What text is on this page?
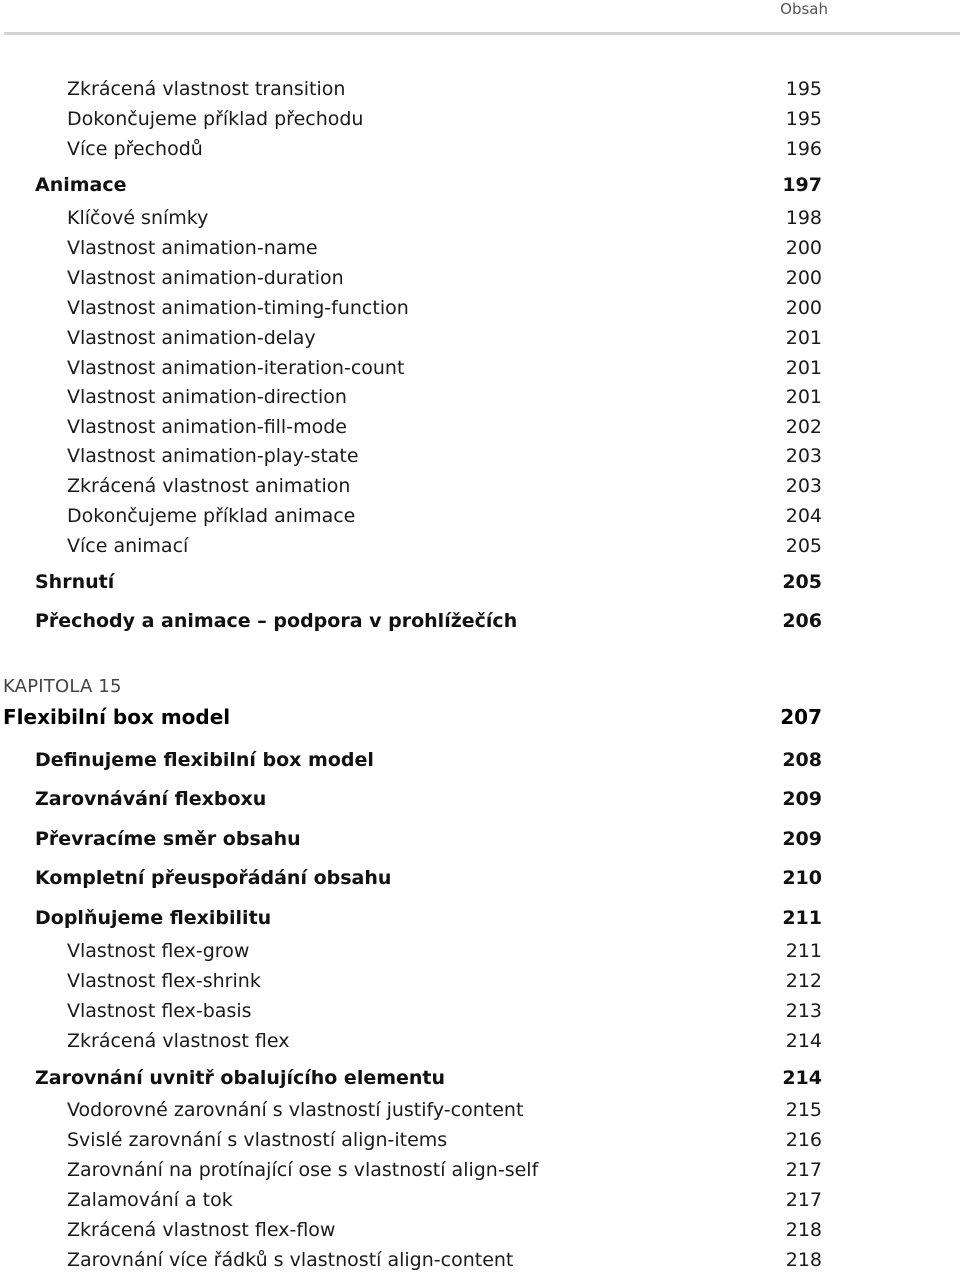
Obsah
Zkrácená vlastnost transition	195
Dokončujeme příklad přechodu	195
Více přechodů	196
Animace	197
Klíčové snímky	198
Vlastnost animation-name	200
Vlastnost animation-duration	200
Vlastnost animation-timing-function	200
Vlastnost animation-delay	201
Vlastnost animation-iteration-count	201
Vlastnost animation-direction	201
Vlastnost animation-fill-mode	202
Vlastnost animation-play-state	203
Zkrácená vlastnost animation	203
Dokončujeme příklad animace	204
Více animací	205
Shrnutí	205
Přechody a animace – podpora v prohlížečích	206
KAPITOLA 15
Flexibilní box model	207
Definujeme flexibilní box model	208
Zarovnávání flexboxu	209
Převracíme směr obsahu	209
Kompletní přeuspořádání obsahu	210
Doplňujeme flexibilitu	211
Vlastnost flex-grow	211
Vlastnost flex-shrink	212
Vlastnost flex-basis	213
Zkrácená vlastnost flex	214
Zarovnání uvnitř obalujícího elementu	214
Vodorovné zarovnání s vlastností justify-content	215
Svislé zarovnání s vlastností align-items	216
Zarovnání na protínající ose s vlastností align-self	217
Zalamování a tok	217
Zkrácená vlastnost flex-flow	218
Zarovnání více řádků s vlastností align-content	218
